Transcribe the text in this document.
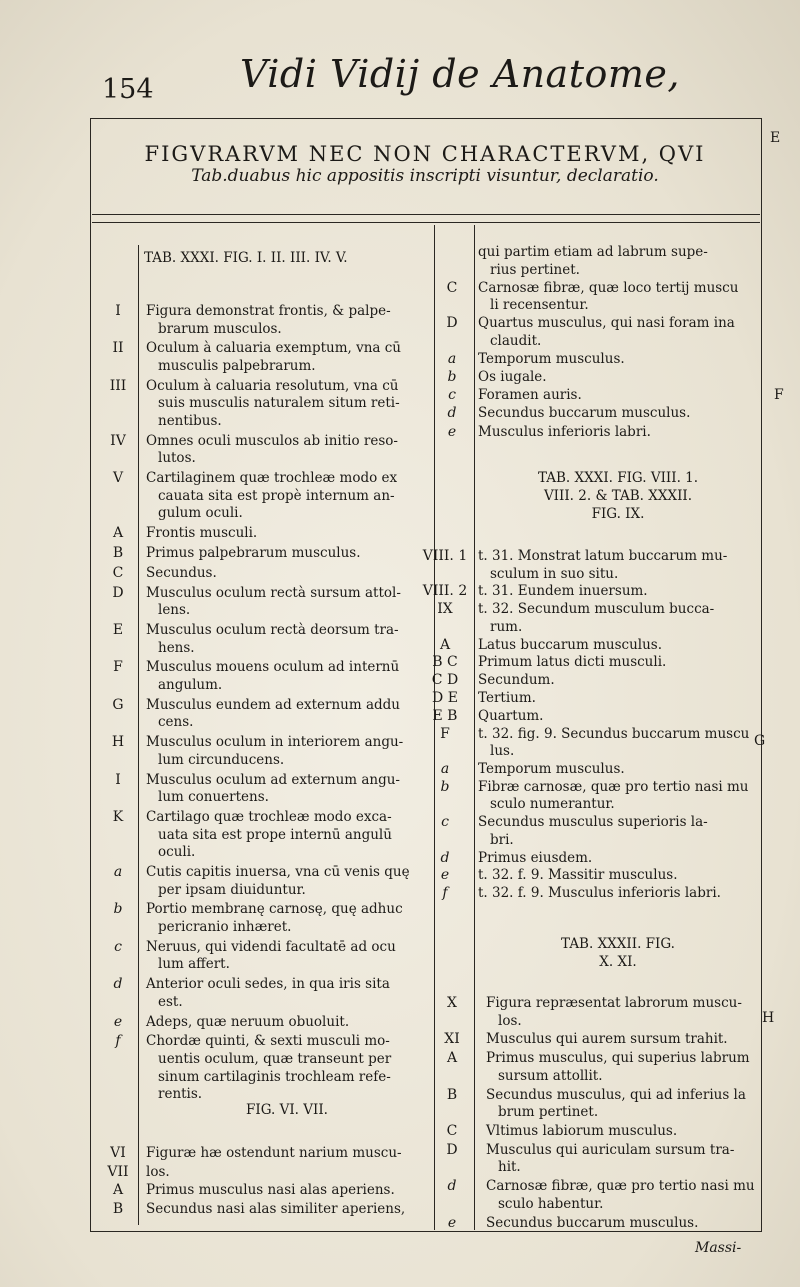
154 Vidi Vidij de Anatome,
FIGVRARVM NEC NON CHARACTERVM, QVI
Tab.duabus hic appositis inscripti visuntur, declaratio.
E
F
G
H
TAB. XXXI. FIG. I. II. III. IV. V.
I	Figura demonstrat frontis, & palpe-
brarum musculos.
II	Oculum à caluaria exemptum, vna cū
musculis palpebrarum.
III	Oculum à caluaria resolutum, vna cū
suis musculis naturalem situm reti-
nentibus.
IV	Omnes oculi musculos ab initio reso-
lutos.
V	Cartilaginem quæ trochleæ modo ex
cauata sita est propè internum an-
gulum oculi.
A	Frontis musculi.
B	Primus palpebrarum musculus.
C	Secundus.
D	Musculus oculum rectà sursum attol-
lens.
E	Musculus oculum rectà deorsum tra-
hens.
F	Musculus mouens oculum ad internū
angulum.
G	Musculus eundem ad externum addu
cens.
H	Musculus oculum in interiorem angu-
lum circunducens.
I	Musculus oculum ad externum angu-
lum conuertens.
K	Cartilago quæ trochleæ modo exca-
uata sita est prope internū angulū
oculi.
a	Cutis capitis inuersa, vna cū venis quę
per ipsam diuiduntur.
b	Portio membranę carnosę, quę adhuc
pericranio inhæret.
c	Neruus, qui videndi facultatē ad ocu
lum affert.
d	Anterior oculi sedes, in qua iris sita
est.
e	Adeps, quæ neruum obuoluit.
f	Chordæ quinti, & sexti musculi mo-
uentis oculum, quæ transeunt per
sinum cartilaginis trochleam refe-
rentis.
FIG. VI. VII.
VI	Figuræ hæ ostendunt narium muscu-
VII	los.
A	Primus musculus nasi alas aperiens.
B	Secundus nasi alas similiter aperiens,
qui partim etiam ad labrum supe-
rius pertinet.
C	Carnosæ fibræ, quæ loco tertij muscu
li recensentur.
D	Quartus musculus, qui nasi foram ina
claudit.
a	Temporum musculus.
b	Os iugale.
c	Foramen auris.
d	Secundus buccarum musculus.
e	Musculus inferioris labri.
TAB. XXXI. FIG. VIII. 1.
VIII. 2. & TAB. XXXII.
FIG. IX.
VIII. 1 t. 31. Monstrat latum buccarum mu-
sculum in suo situ.
VIII. 2 t. 31. Eundem inuersum.
IX	t. 32. Secundum musculum bucca-
rum.
A	Latus buccarum musculus.
B C	Primum latus dicti musculi.
C D	Secundum.
D E	Tertium.
E B	Quartum.
F	t. 32. fig. 9. Secundus buccarum muscu
lus.
a	Temporum musculus.
b	Fibræ carnosæ, quæ pro tertio nasi mu
sculo numerantur.
c	Secundus musculus superioris la-
bri.
d	Primus eiusdem.
e	t. 32. f. 9. Massitir musculus.
f	t. 32. f. 9. Musculus inferioris labri.
TAB. XXXII. FIG.
X. XI.
X	Figura repræsentat labrorum muscu-
los.
XI	Musculus qui aurem sursum trahit.
A	Primus musculus, qui superius labrum
sursum attollit.
B	Secundus musculus, qui ad inferius la
brum pertinet.
C	Vltimus labiorum musculus.
D	Musculus qui auriculam sursum tra-
hit.
d	Carnosæ fibræ, quæ pro tertio nasi mu
sculo habentur.
e	Secundus buccarum musculus.
Massi-
